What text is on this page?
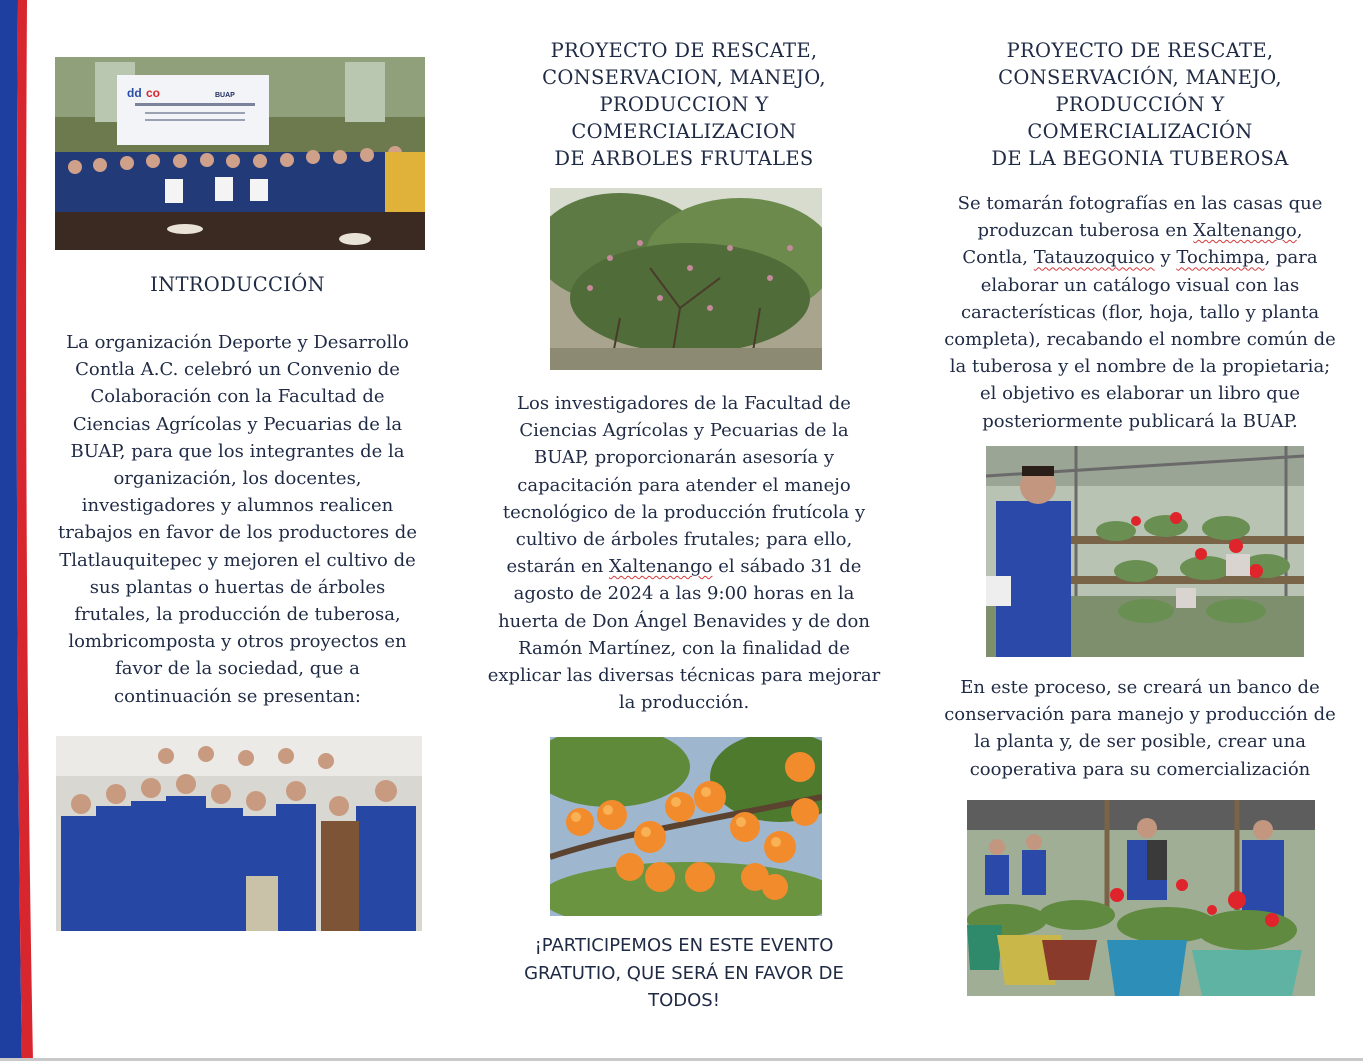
dd co	BUAP
INTRODUCCIÓN
La organización Deporte y Desarrollo
Contla A.C. celebró un Convenio de
Colaboración con la Facultad de
Ciencias Agrícolas y Pecuarias de la
BUAP, para que los integrantes de la
organización, los docentes,
investigadores y alumnos realicen
trabajos en favor de los productores de
Tlatlauquitepec y mejoren el cultivo de
sus plantas o huertas de árboles
frutales, la producción de tuberosa,
lombricomposta y otros proyectos en
favor de la sociedad, que a
continuación se presentan:
PROYECTO DE RESCATE,
CONSERVACION, MANEJO,
PRODUCCION Y
COMERCIALIZACION
DE ARBOLES FRUTALES
Los investigadores de la Facultad de
Ciencias Agrícolas y Pecuarias de la
BUAP, proporcionarán asesoría y
capacitación para atender el manejo
tecnológico de la producción frutícola y
cultivo de árboles frutales; para ello,
estarán en Xaltenango el sábado 31 de
agosto de 2024 a las 9:00 horas en la
huerta de Don Ángel Benavides y de don
Ramón Martínez, con la finalidad de
explicar las diversas técnicas para mejorar
la producción.
¡PARTICIPEMOS EN ESTE EVENTO
GRATUTIO, QUE SERÁ EN FAVOR DE
TODOS!
PROYECTO DE RESCATE,
CONSERVACIÓN, MANEJO,
PRODUCCIÓN Y
COMERCIALIZACIÓN
DE LA BEGONIA TUBEROSA
Se tomarán fotografías en las casas que
produzcan tuberosa en Xaltenango,
Contla, Tatauzoquico y Tochimpa, para
elaborar un catálogo visual con las
características (flor, hoja, tallo y planta
completa), recabando el nombre común de
la tuberosa y el nombre de la propietaria;
el objetivo es elaborar un libro que
posteriormente publicará la BUAP.
En este proceso, se creará un banco de
conservación para manejo y producción de
la planta y, de ser posible, crear una
cooperativa para su comercialización
